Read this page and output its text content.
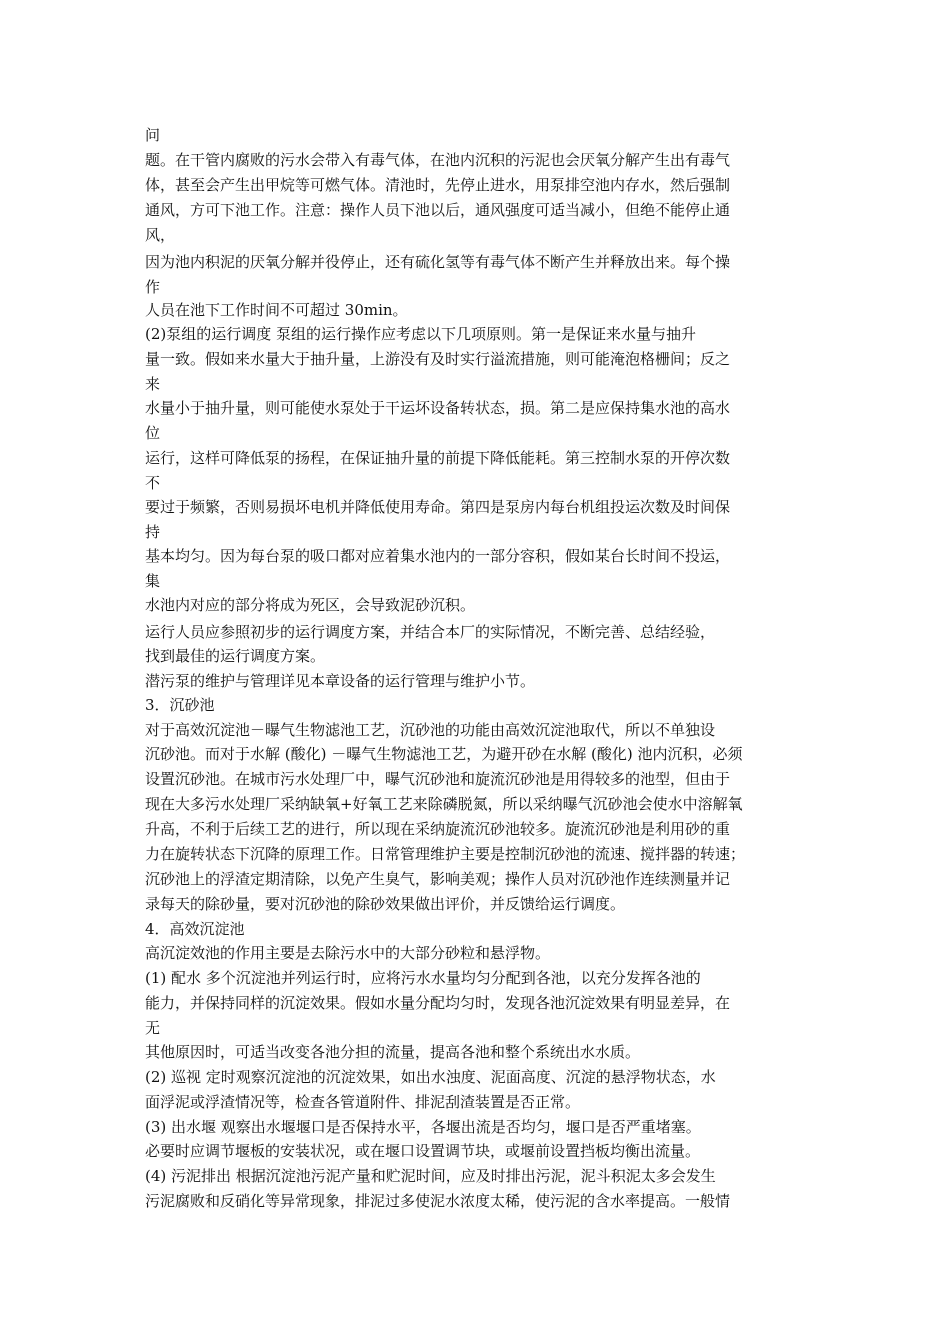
问
题。在干管内腐败的污水会带入有毒气体，在池内沉积的污泥也会厌氧分解产生出有毒气
体，甚至会产生出甲烷等可燃气体。清池时，先停止进水，用泵排空池内存水，然后强制
通风，方可下池工作。注意：操作人员下池以后，通风强度可适当减小，但绝不能停止通
风，
因为池内积泥的厌氧分解并役停止，还有硫化氢等有毒气体不断产生并释放出来。每个操
作
人员在池下工作时间不可超过 30min。
(2)泵组的运行调度 泵组的运行操作应考虑以下几项原则。第一是保证来水量与抽升
量一致。假如来水量大于抽升量，上游没有及时实行溢流措施，则可能淹泡格栅间；反之
来
水量小于抽升量，则可能使水泵处于干运坏设备转状态，损。第二是应保持集水池的高水
位
运行，这样可降低泵的扬程，在保证抽升量的前提下降低能耗。第三控制水泵的开停次数
不
要过于频繁，否则易损坏电机并降低使用寿命。第四是泵房内每台机组投运次数及时间保
持
基本均匀。因为每台泵的吸口都对应着集水池内的一部分容积，假如某台长时间不投运，
集
水池内对应的部分将成为死区，会导致泥砂沉积。
运行人员应参照初步的运行调度方案，并结合本厂的实际情况，不断完善、总结经验，
找到最佳的运行调度方案。
潜污泵的维护与管理详见本章设备的运行管理与维护小节。
3．沉砂池
对于高效沉淀池－曝气生物滤池工艺，沉砂池的功能由高效沉淀池取代，所以不单独设
沉砂池。而对于水解 (酸化) －曝气生物滤池工艺，为避开砂在水解 (酸化) 池内沉积，必须
设置沉砂池。在城市污水处理厂中，曝气沉砂池和旋流沉砂池是用得较多的池型，但由于
现在大多污水处理厂采纳缺氧+好氧工艺来除磷脱氮，所以采纳曝气沉砂池会使水中溶解氧
升高，不利于后续工艺的进行，所以现在采纳旋流沉砂池较多。旋流沉砂池是利用砂的重
力在旋转状态下沉降的原理工作。日常管理维护主要是控制沉砂池的流速、搅拌器的转速；
沉砂池上的浮渣定期清除，以免产生臭气，影响美观；操作人员对沉砂池作连续测量并记
录每天的除砂量，要对沉砂池的除砂效果做出评价，并反馈给运行调度。
4．高效沉淀池
高沉淀效池的作用主要是去除污水中的大部分砂粒和悬浮物。
(1) 配水 多个沉淀池并列运行时，应将污水水量均匀分配到各池，以充分发挥各池的
能力，并保持同样的沉淀效果。假如水量分配均匀时，发现各池沉淀效果有明显差异，在
无
其他原因时，可适当改变各池分担的流量，提高各池和整个系统出水水质。
(2) 巡视 定时观察沉淀池的沉淀效果，如出水浊度、泥面高度、沉淀的悬浮物状态，水
面浮泥或浮渣情况等，检查各管道附件、排泥刮渣装置是否正常。
(3) 出水堰 观察出水堰堰口是否保持水平，各堰出流是否均匀，堰口是否严重堵塞。
必要时应调节堰板的安装状况，或在堰口设置调节块，或堰前设置挡板均衡出流量。
(4) 污泥排出 根据沉淀池污泥产量和贮泥时间，应及时排出污泥，泥斗积泥太多会发生
污泥腐败和反硝化等异常现象，排泥过多使泥水浓度太稀，使污泥的含水率提高。一般情
